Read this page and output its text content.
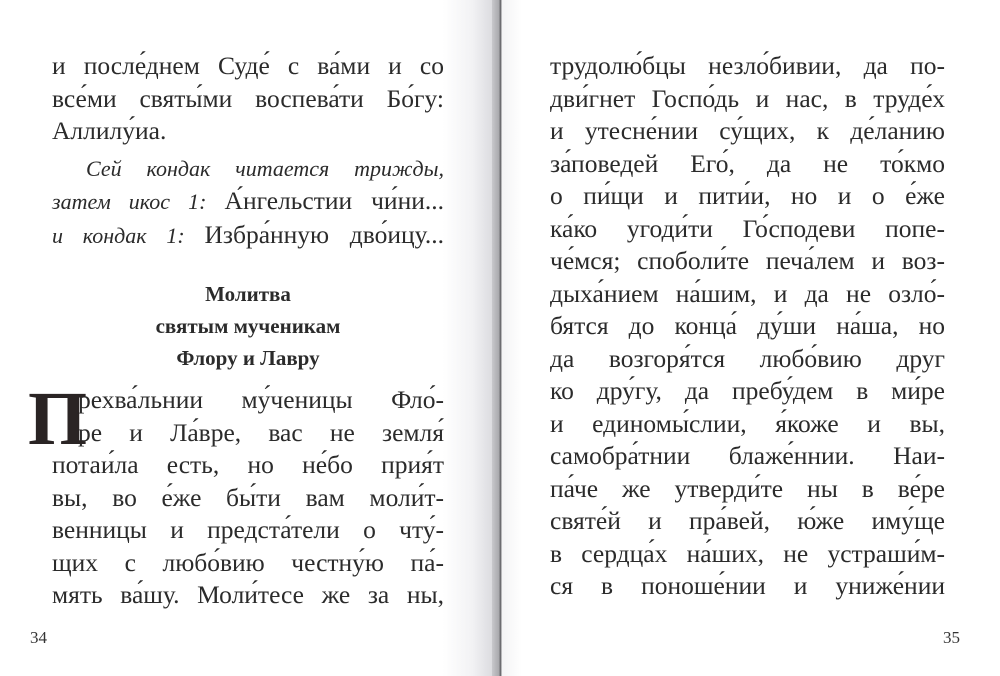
и после́днем Суде́ с ва́ми и со
все́ми святы́ми воспева́ти Бо́гу:
Аллилу́иа.
Сей кондак читается трижды,
затем икос 1: А́нгельстии чи́ни...
и кондак 1: Избра́нную дво́ицу...
Молитва
святым мученикам
Флору и Лавру
П
рехва́льнии му́ченицы Фло́-
ре и Ла́вре, вас не земля́
потаи́ла есть, но не́бо прия́т
вы, во е́же бы́ти вам моли́т-
венницы и предста́тели о чту́-
щих с любо́вию честну́ю па́-
мять ва́шу. Моли́тесе же за ны,
34
трудолю́бцы незло́бивии, да по-
дви́гнет Госпо́дь и нас, в труде́х
и утесне́нии су́щих, к де́ланию
за́поведей Его́, да не то́кмо
о пи́щи и пити́и, но и о е́же
ка́ко угоди́ти Го́сподеви попе-
че́мся; споболи́те печа́лем и воз-
дыха́нием на́шим, и да не озло́-
бятся до конца́ ду́ши на́ша, но
да возгоря́тся любо́вию друг
ко дру́гу, да пребу́дем в ми́ре
и единомы́слии, я́коже и вы,
самобра́тнии блаже́ннии. Наи-
па́че же утверди́те ны в ве́ре
святе́й и пра́вей, ю́же иму́ще
в сердца́х на́ших, не устраши́м-
ся в поноше́нии и униже́нии
35
